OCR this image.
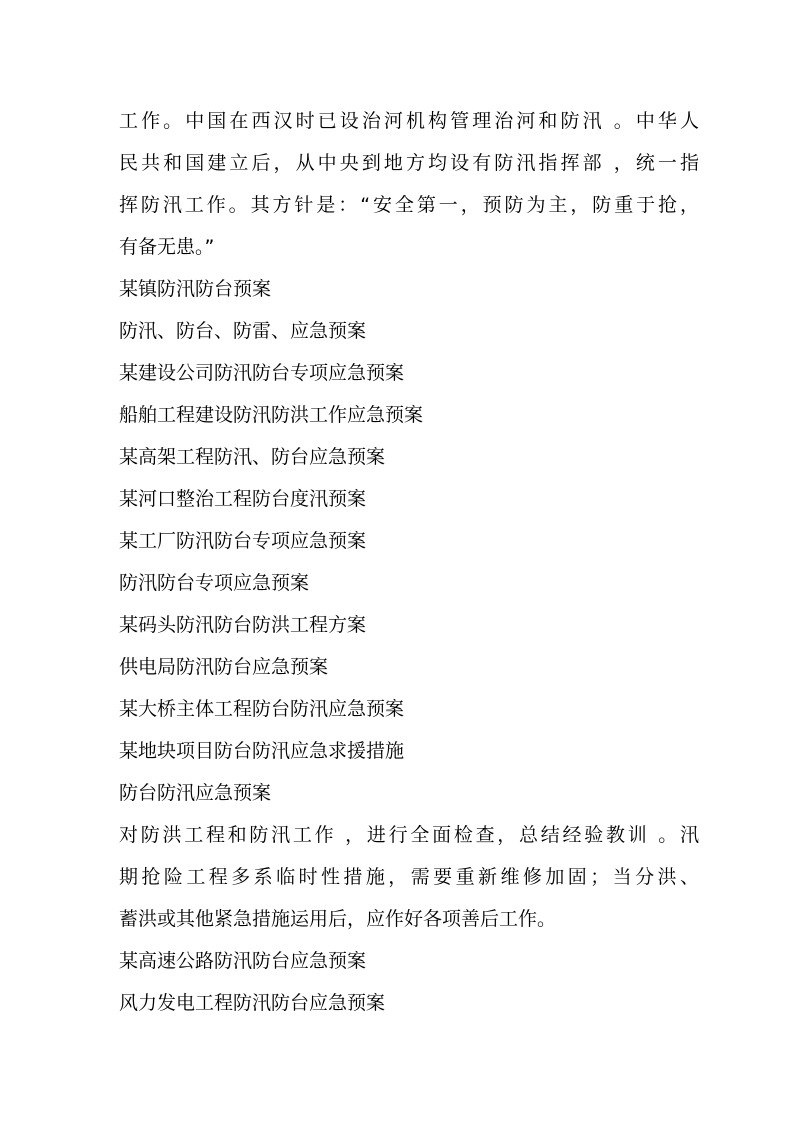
工作。中国在西汉时已设治河机构管理治河和防汛 。中华人
民共和国建立后，从中央到地方均设有防汛指挥部 ，统一指
挥防汛工作。其方针是：“安全第一，预防为主，防重于抢，
有备无患。”
某镇防汛防台预案
防汛、防台、防雷、应急预案
某建设公司防汛防台专项应急预案
船舶工程建设防汛防洪工作应急预案
某高架工程防汛、防台应急预案
某河口整治工程防台度汛预案
某工厂防汛防台专项应急预案
防汛防台专项应急预案
某码头防汛防台防洪工程方案
供电局防汛防台应急预案
某大桥主体工程防台防汛应急预案
某地块项目防台防汛应急求援措施
防台防汛应急预案
对防洪工程和防汛工作 ，进行全面检查，总结经验教训 。汛
期抢险工程多系临时性措施，需要重新维修加固；当分洪、
蓄洪或其他紧急措施运用后，应作好各项善后工作。
某高速公路防汛防台应急预案
风力发电工程防汛防台应急预案
